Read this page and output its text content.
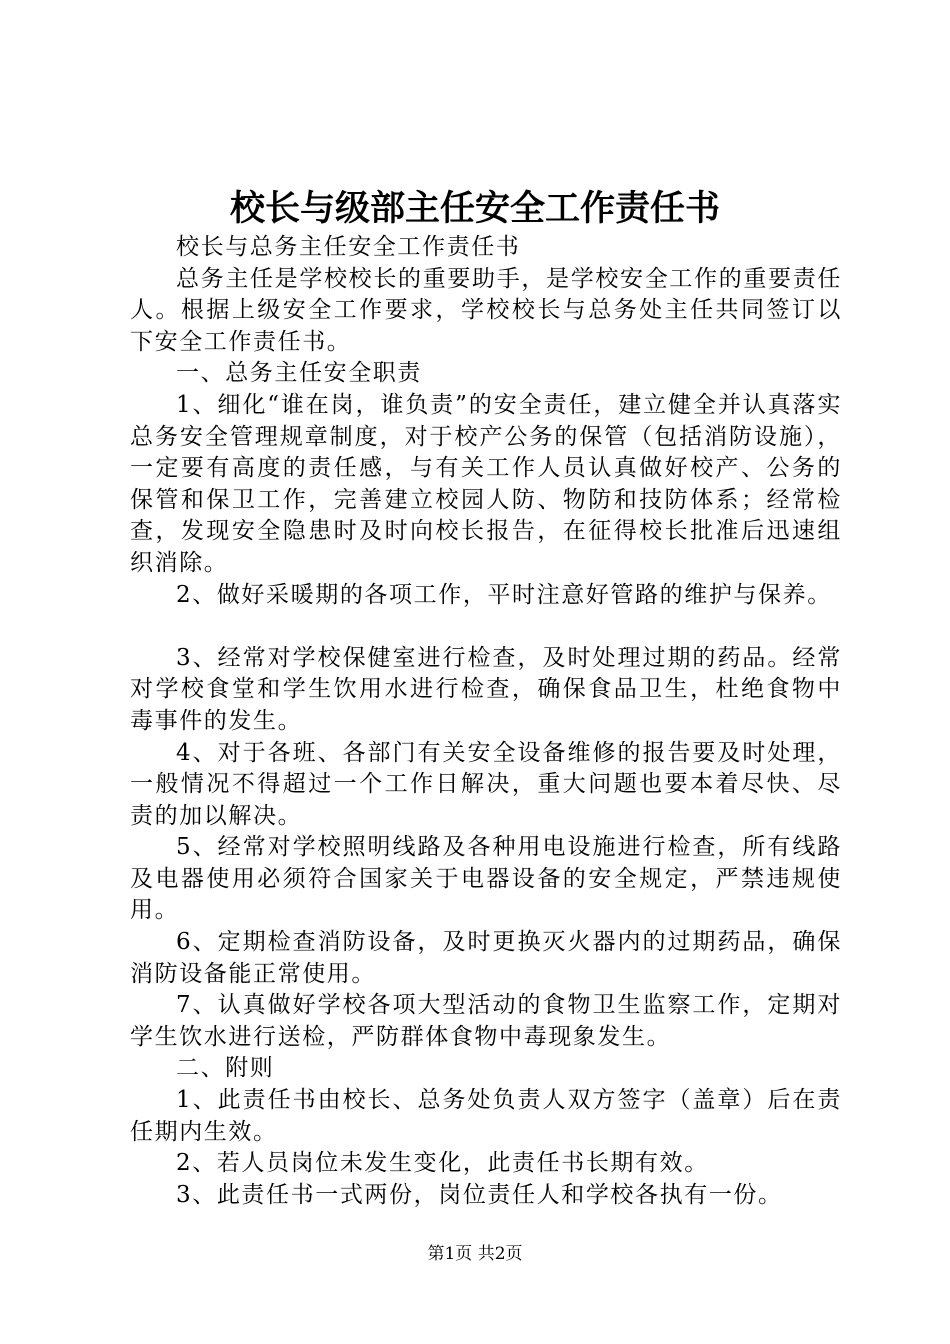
校长与级部主任安全工作责任书

校长与总务主任安全工作责任书

总务主任是学校校长的重要助手，是学校安全工作的重要责任人。根据上级安全工作要求，学校校长与总务处主任共同签订以下安全工作责任书。

一、总务主任安全职责

1、细化“谁在岗，谁负责”的安全责任，建立健全并认真落实总务安全管理规章制度，对于校产公务的保管（包括消防设施），一定要有高度的责任感，与有关工作人员认真做好校产、公务的保管和保卫工作，完善建立校园人防、物防和技防体系；经常检查，发现安全隐患时及时向校长报告，在征得校长批准后迅速组织消除。

2、做好采暖期的各项工作，平时注意好管路的维护与保养。

3、经常对学校保健室进行检查，及时处理过期的药品。经常对学校食堂和学生饮用水进行检查，确保食品卫生，杜绝食物中毒事件的发生。

4、对于各班、各部门有关安全设备维修的报告要及时处理，一般情况不得超过一个工作日解决，重大问题也要本着尽快、尽责的加以解决。

5、经常对学校照明线路及各种用电设施进行检查，所有线路及电器使用必须符合国家关于电器设备的安全规定，严禁违规使用。

6、定期检查消防设备，及时更换灭火器内的过期药品，确保消防设备能正常使用。

7、认真做好学校各项大型活动的食物卫生监察工作，定期对学生饮水进行送检，严防群体食物中毒现象发生。

二、附则

1、此责任书由校长、总务处负责人双方签字（盖章）后在责任期内生效。

2、若人员岗位未发生变化，此责任书长期有效。

3、此责任书一式两份，岗位责任人和学校各执有一份。

第1页 共2页
